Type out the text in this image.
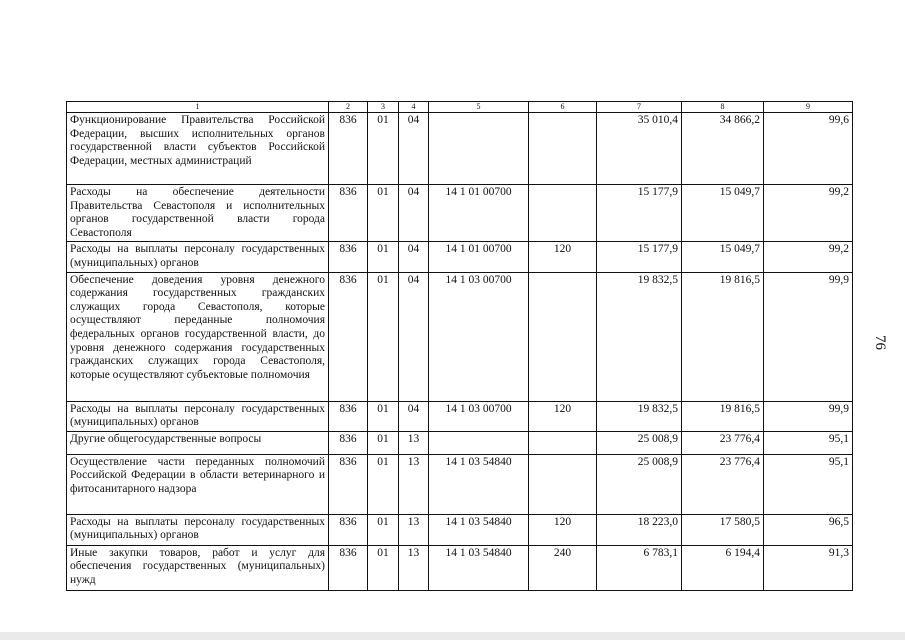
76
1	2	3	4	5	6	7	8	9
Функционирование Правительства Российской Федерации, высших исполнительных органов государственной власти субъектов Российской Федерации, местных администраций	836	01	04			35 010,4	34 866,2	99,6
Расходы на обеспечение деятельности Правительства Севастополя и исполнительных органов государственной власти города Севастополя	836	01	04	14 1 01 00700		15 177,9	15 049,7	99,2
Расходы на выплаты персоналу государственных (муниципальных) органов	836	01	04	14 1 01 00700	120	15 177,9	15 049,7	99,2
Обеспечение доведения уровня денежного содержания государственных гражданских служащих города Севастополя, которые осуществляют переданные полномочия федеральных органов государственной власти, до уровня денежного содержания государственных гражданских служащих города Севастополя, которые осуществляют субъектовые полномочия	836	01	04	14 1 03 00700		19 832,5	19 816,5	99,9
Расходы на выплаты персоналу государственных (муниципальных) органов	836	01	04	14 1 03 00700	120	19 832,5	19 816,5	99,9
Другие общегосударственные вопросы	836	01	13			25 008,9	23 776,4	95,1
Осуществление части переданных полномочий Российской Федерации в области ветеринарного и фитосанитарного надзора	836	01	13	14 1 03 54840		25 008,9	23 776,4	95,1
Расходы на выплаты персоналу государственных (муниципальных) органов	836	01	13	14 1 03 54840	120	18 223,0	17 580,5	96,5
Иные закупки товаров, работ и услуг для обеспечения государственных (муниципальных) нужд	836	01	13	14 1 03 54840	240	6 783,1	6 194,4	91,3
